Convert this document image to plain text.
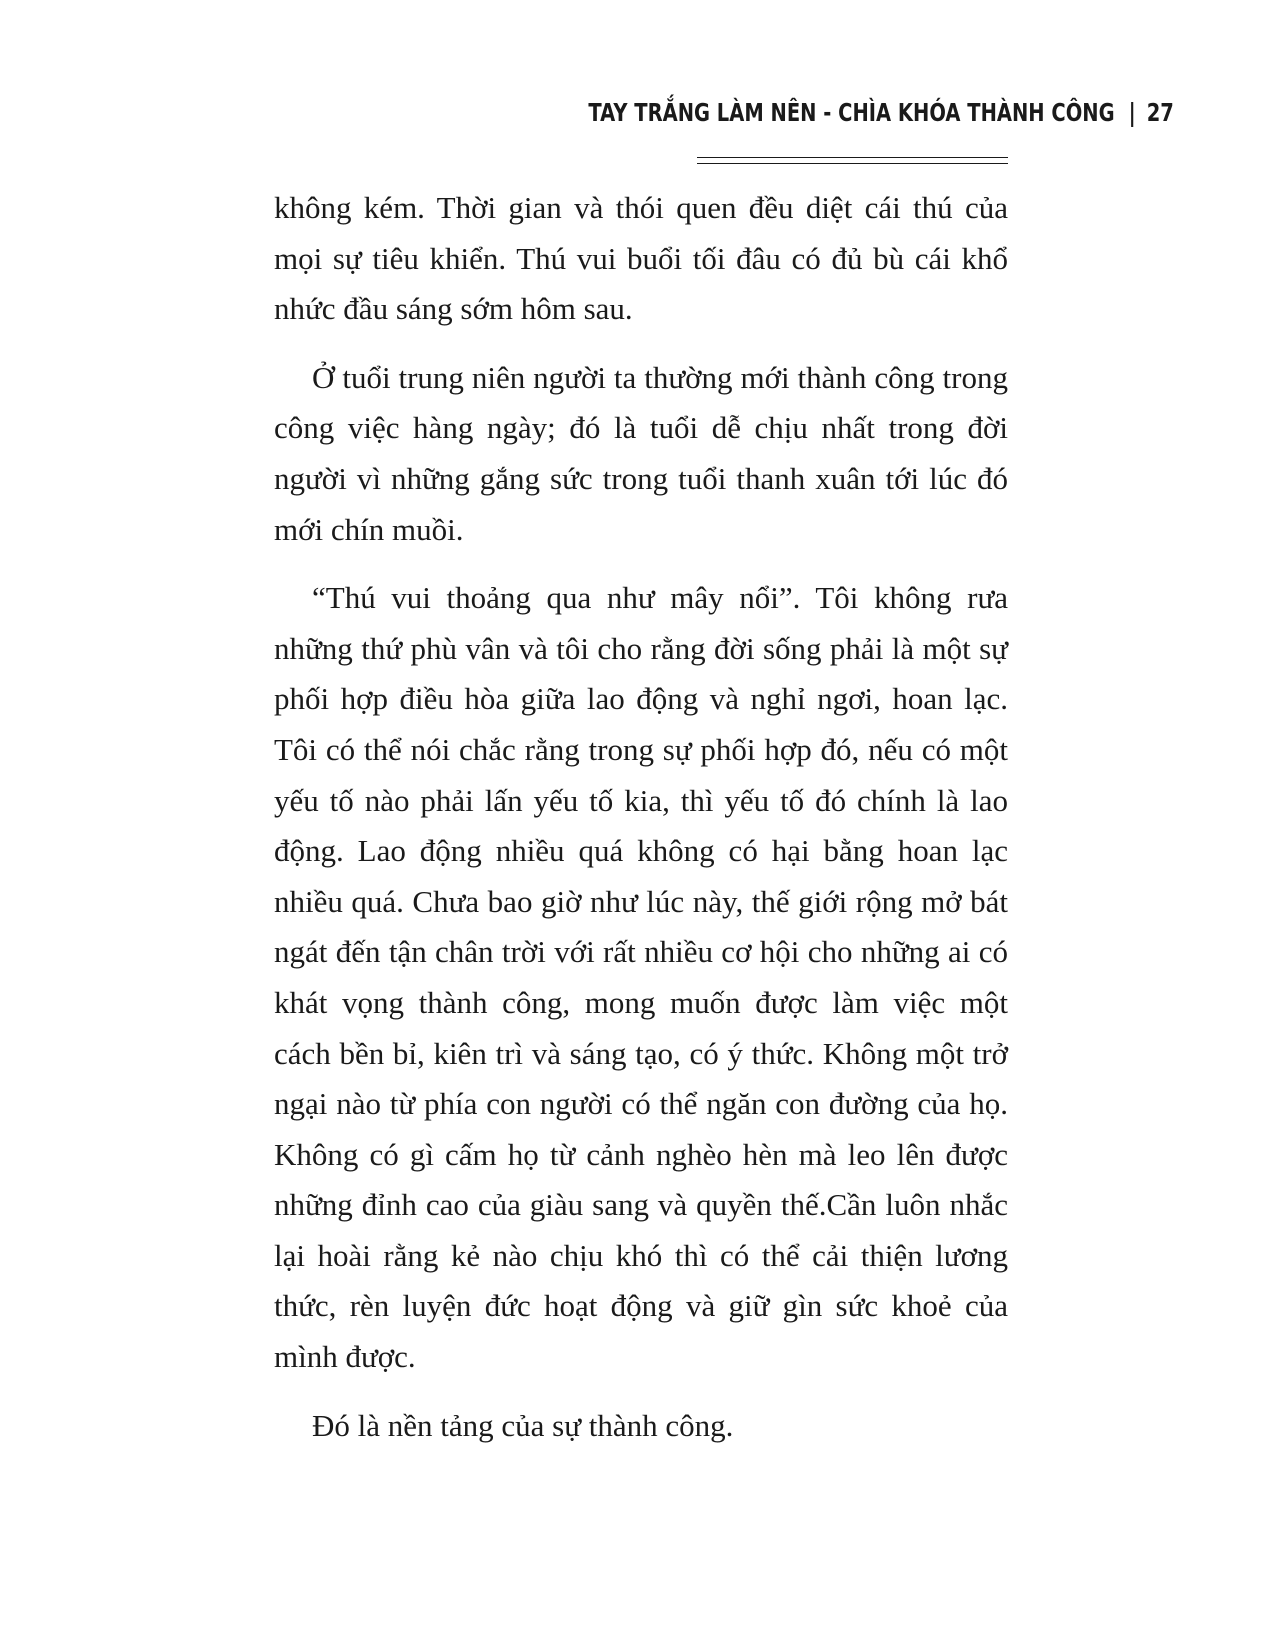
TAY TRẮNG LÀM NÊN - CHÌA KHÓA THÀNH CÔNG | 27

không kém. Thời gian và thói quen đều diệt cái thú của mọi sự tiêu khiển. Thú vui buổi tối đâu có đủ bù cái khổ nhức đầu sáng sớm hôm sau.

Ở tuổi trung niên người ta thường mới thành công trong công việc hàng ngày; đó là tuổi dễ chịu nhất trong đời người vì những gắng sức trong tuổi thanh xuân tới lúc đó mới chín muồi.

“Thú vui thoảng qua như mây nổi”. Tôi không rưa những thứ phù vân và tôi cho rằng đời sống phải là một sự phối hợp điều hòa giữa lao động và nghỉ ngơi, hoan lạc. Tôi có thể nói chắc rằng trong sự phối hợp đó, nếu có một yếu tố nào phải lấn yếu tố kia, thì yếu tố đó chính là lao động. Lao động nhiều quá không có hại bằng hoan lạc nhiều quá. Chưa bao giờ như lúc này, thế giới rộng mở bát ngát đến tận chân trời với rất nhiều cơ hội cho những ai có khát vọng thành công, mong muốn được làm việc một cách bền bỉ, kiên trì và sáng tạo, có ý thức. Không một trở ngại nào từ phía con người có thể ngăn con đường của họ. Không có gì cấm họ từ cảnh nghèo hèn mà leo lên được những đỉnh cao của giàu sang và quyền thế.Cần luôn nhắc lại hoài rằng kẻ nào chịu khó thì có thể cải thiện lương thức, rèn luyện đức hoạt động và giữ gìn sức khoẻ của mình được.

Đó là nền tảng của sự thành công.
